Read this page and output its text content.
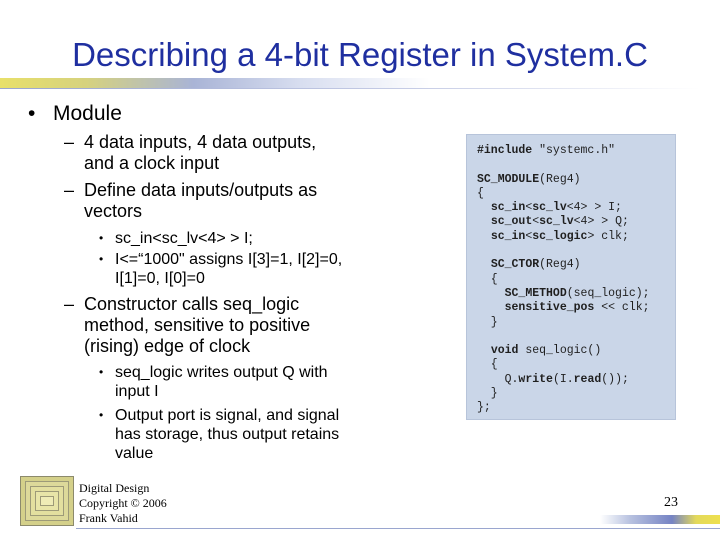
Describing a 4-bit Register in System.C
• Module
– 4 data inputs, 4 data outputs,
and a clock input
– Define data inputs/outputs as
vectors
• sc_in<sc_lv<4> > I;
• I<=“1000" assigns I[3]=1, I[2]=0,
I[1]=0, I[0]=0
– Constructor calls seq_logic
method, sensitive to positive
(rising) edge of clock
• seq_logic writes output Q with
input I
• Output port is signal, and signal
has storage, thus output retains
value
#include "systemc.h"

SC_MODULE(Reg4)
{
sc_in<sc_lv<4> > I;
sc_out<sc_lv<4> > Q;
sc_in<sc_logic> clk;

SC_CTOR(Reg4)
{
SC_METHOD(seq_logic);
sensitive_pos << clk;
}

void seq_logic()
{
Q.write(I.read());
}
};
Digital Design
Copyright © 2006
Frank Vahid
23
